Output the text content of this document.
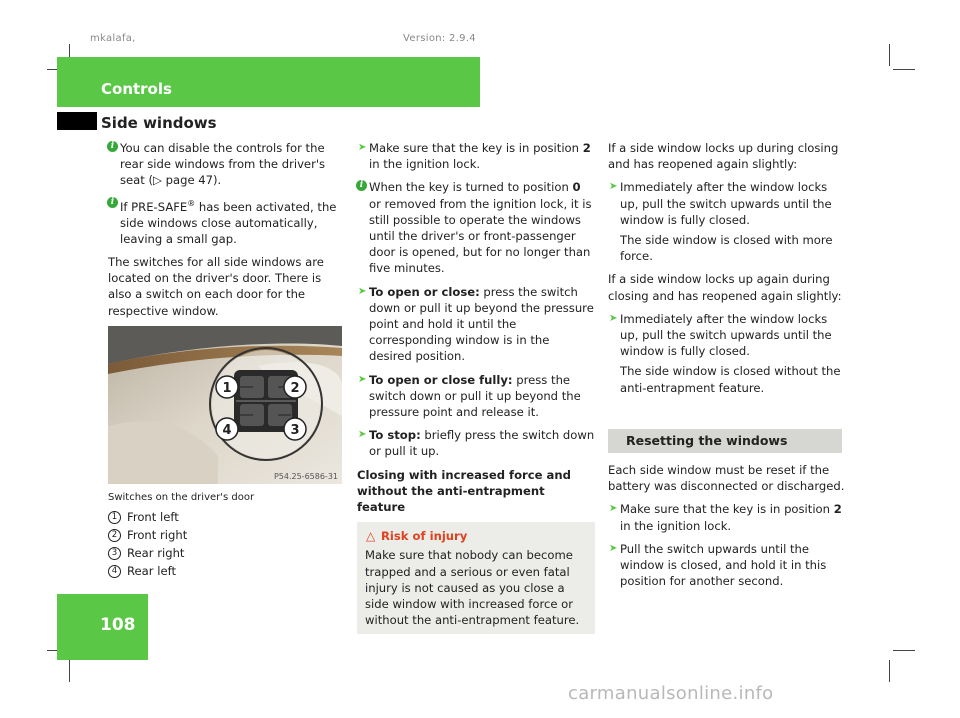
mkalafa,	Version: 2.9.4
Controls
Side windows
i You can disable the controls for the rear side windows from the driver's seat (▷ page 47).
i If PRE-SAFE® has been activated, the side windows close automatically, leaving a small gap.

The switches for all side windows are located on the driver's door. There is also a switch on each door for the respective window.

1	2
3
4
P54.25-6586-31
Switches on the driver's door
1 Front left
2 Front right
3 Rear right
4 Rear left
➤ Make sure that the key is in position 2 in the ignition lock.
i When the key is turned to position 0 or removed from the ignition lock, it is still possible to operate the windows until the driver's or front-passenger door is opened, but for no longer than five minutes.
➤ To open or close: press the switch down or pull it up beyond the pressure point and hold it until the corresponding window is in the desired position.
➤ To open or close fully: press the switch down or pull it up beyond the pressure point and release it.
➤ To stop: briefly press the switch down or pull it up.

Closing with increased force and without the anti-entrapment feature

△ Risk of injury
Make sure that nobody can become trapped and a serious or even fatal injury is not caused as you close a side window with increased force or without the anti-entrapment feature.

If a side window locks up during closing and has reopened again slightly:

➤ Immediately after the window locks up, pull the switch upwards until the window is fully closed.
The side window is closed with more force.

If a side window locks up again during closing and has reopened again slightly:

➤ Immediately after the window locks up, pull the switch upwards until the window is fully closed.
The side window is closed without the anti-entrapment feature.
Resetting the windows

Each side window must be reset if the battery was disconnected or discharged.

➤ Make sure that the key is in position 2 in the ignition lock.
➤ Pull the switch upwards until the window is closed, and hold it in this position for another second.
108
carmanualsonline.info
